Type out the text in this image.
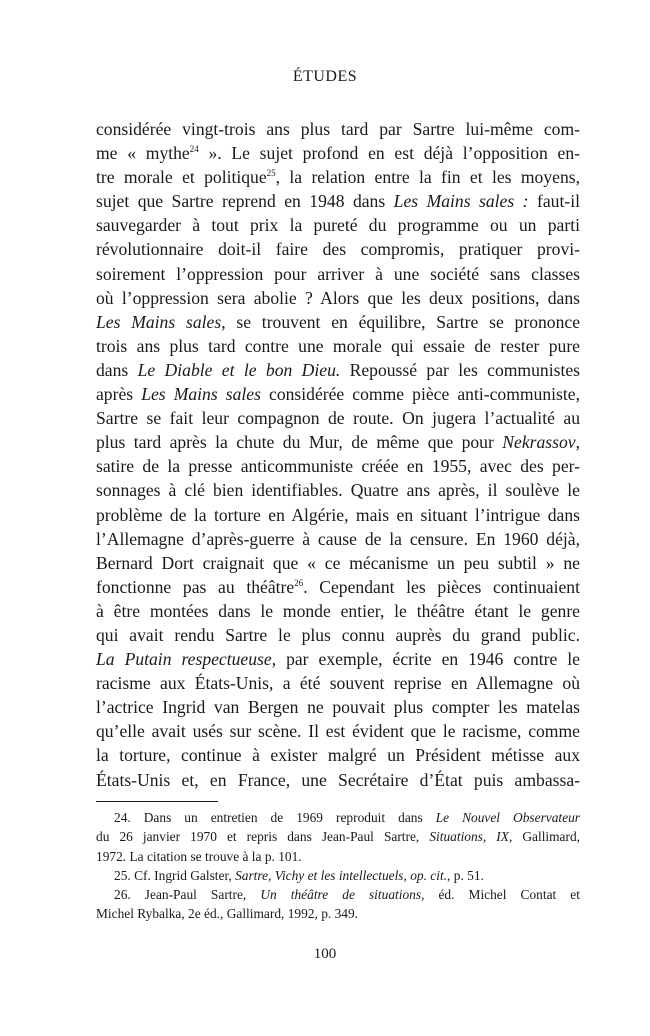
ÉTUDES
considérée vingt-trois ans plus tard par Sartre lui-même com-
me « mythe$^{24}$ ». Le sujet profond en est déjà l’opposition en-
tre morale et politique$^{25}$, la relation entre la fin et les moyens,
sujet que Sartre reprend en 1948 dans Les Mains sales : faut-il
sauvegarder à tout prix la pureté du programme ou un parti
révolutionnaire doit-il faire des compromis, pratiquer provi-
soirement l’oppression pour arriver à une société sans classes
où l’oppression sera abolie ? Alors que les deux positions, dans
Les Mains sales, se trouvent en équilibre, Sartre se prononce
trois ans plus tard contre une morale qui essaie de rester pure
dans Le Diable et le bon Dieu. Repoussé par les communistes
après Les Mains sales considérée comme pièce anti-communiste,
Sartre se fait leur compagnon de route. On jugera l’actualité au
plus tard après la chute du Mur, de même que pour Nekrassov,
satire de la presse anticommuniste créée en 1955, avec des per-
sonnages à clé bien identifiables. Quatre ans après, il soulève le
problème de la torture en Algérie, mais en situant l’intrigue dans
l’Allemagne d’après-guerre à cause de la censure. En 1960 déjà,
Bernard Dort craignait que « ce mécanisme un peu subtil » ne
fonctionne pas au théâtre$^{26}$. Cependant les pièces continuaient
à être montées dans le monde entier, le théâtre étant le genre
qui avait rendu Sartre le plus connu auprès du grand public.
La Putain respectueuse, par exemple, écrite en 1946 contre le
racisme aux États-Unis, a été souvent reprise en Allemagne où
l’actrice Ingrid van Bergen ne pouvait plus compter les matelas
qu’elle avait usés sur scène. Il est évident que le racisme, comme
la torture, continue à exister malgré un Président métisse aux
États-Unis et, en France, une Secrétaire d’État puis ambassa-
24. Dans un entretien de 1969 reproduit dans Le Nouvel Observateur
du 26 janvier 1970 et repris dans Jean-Paul Sartre, Situations, IX, Gallimard,
1972. La citation se trouve à la p. 101.
25. Cf. Ingrid Galster, Sartre, Vichy et les intellectuels, op. cit., p. 51.
26. Jean-Paul Sartre, Un théâtre de situations, éd. Michel Contat et
Michel Rybalka, 2e éd., Gallimard, 1992, p. 349.
100
